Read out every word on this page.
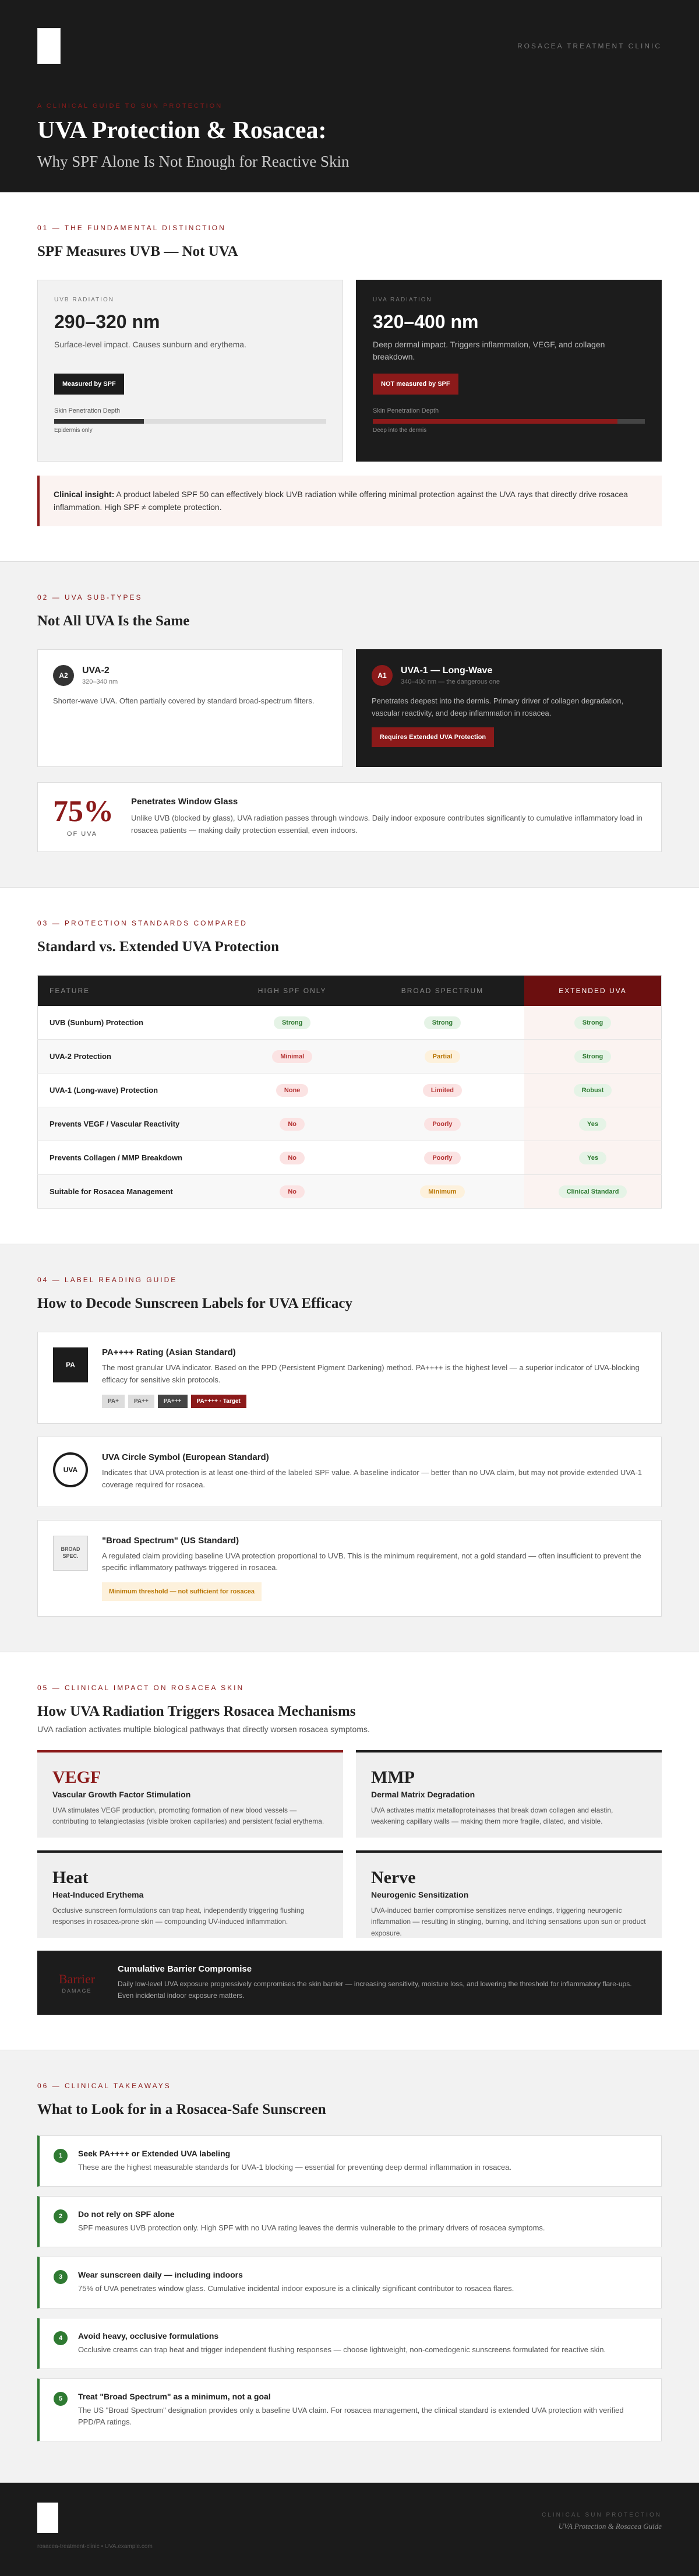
ROSACEA TREATMENT CLINIC
A CLINICAL GUIDE TO SUN PROTECTION
UVA Protection & Rosacea:
Why SPF Alone Is Not Enough for Reactive Skin
01 — THE FUNDAMENTAL DISTINCTION
SPF Measures UVB — Not UVA
UVB RADIATION
290–320 nm
Surface-level impact. Causes sunburn and erythema.
Measured by SPF
Skin Penetration Depth
Epidermis only
UVA RADIATION
320–400 nm
Deep dermal impact. Triggers inflammation, VEGF, and collagen breakdown.
NOT measured by SPF
Skin Penetration Depth
Deep into the dermis
Clinical insight: A product labeled SPF 50 can effectively block UVB radiation while offering minimal protection against the UVA rays that directly drive rosacea inflammation. High SPF ≠ complete protection.
02 — UVA SUB-TYPES
Not All UVA Is the Same
A2	UVA-2
320–340 nm
Shorter-wave UVA. Often partially covered by standard broad-spectrum filters.
A1	UVA-1 — Long-Wave
340–400 nm — the dangerous one
Penetrates deepest into the dermis. Primary driver of collagen degradation, vascular reactivity, and deep inflammation in rosacea.
Requires Extended UVA Protection
75%
OF UVA
Penetrates Window Glass
Unlike UVB (blocked by glass), UVA radiation passes through windows. Daily indoor exposure contributes significantly to cumulative inflammatory load in rosacea patients — making daily protection essential, even indoors.
03 — PROTECTION STANDARDS COMPARED
Standard vs. Extended UVA Protection
FEATURE	HIGH SPF ONLY	BROAD SPECTRUM	EXTENDED UVA
UVB (Sunburn) Protection	Strong	Strong	Strong
UVA-2 Protection	Minimal	Partial	Strong
UVA-1 (Long-wave) Protection	None	Limited	Robust
Prevents VEGF / Vascular Reactivity	No	Poorly	Yes
Prevents Collagen / MMP Breakdown	No	Poorly	Yes
Suitable for Rosacea Management	No	Minimum	Clinical Standard
04 — LABEL READING GUIDE
How to Decode Sunscreen Labels for UVA Efficacy
PA
PA++++ Rating (Asian Standard)
The most granular UVA indicator. Based on the PPD (Persistent Pigment Darkening) method. PA++++ is the highest level — a superior indicator of UVA-blocking efficacy for sensitive skin protocols.
PA+	PA++	PA+++	PA++++ · Target
UVA
UVA Circle Symbol (European Standard)
Indicates that UVA protection is at least one-third of the labeled SPF value. A baseline indicator — better than no UVA claim, but may not provide extended UVA-1 coverage required for rosacea.
BROAD SPEC.
"Broad Spectrum" (US Standard)
A regulated claim providing baseline UVA protection proportional to UVB. This is the minimum requirement, not a gold standard — often insufficient to prevent the specific inflammatory pathways triggered in rosacea.
Minimum threshold — not sufficient for rosacea
05 — CLINICAL IMPACT ON ROSACEA SKIN
How UVA Radiation Triggers Rosacea Mechanisms
UVA radiation activates multiple biological pathways that directly worsen rosacea symptoms.
VEGF
Vascular Growth Factor Stimulation
UVA stimulates VEGF production, promoting formation of new blood vessels — contributing to telangiectasias (visible broken capillaries) and persistent facial erythema.
MMP
Dermal Matrix Degradation
UVA activates matrix metalloproteinases that break down collagen and elastin, weakening capillary walls — making them more fragile, dilated, and visible.
Heat
Heat-Induced Erythema
Occlusive sunscreen formulations can trap heat, independently triggering flushing responses in rosacea-prone skin — compounding UV-induced inflammation.
Nerve
Neurogenic Sensitization
UVA-induced barrier compromise sensitizes nerve endings, triggering neurogenic inflammation — resulting in stinging, burning, and itching sensations upon sun or product exposure.
Barrier
DAMAGE
Cumulative Barrier Compromise
Daily low-level UVA exposure progressively compromises the skin barrier — increasing sensitivity, moisture loss, and lowering the threshold for inflammatory flare-ups. Even incidental indoor exposure matters.
06 — CLINICAL TAKEAWAYS
What to Look for in a Rosacea-Safe Sunscreen
1	Seek PA++++ or Extended UVA labeling
These are the highest measurable standards for UVA-1 blocking — essential for preventing deep dermal inflammation in rosacea.
2	Do not rely on SPF alone
SPF measures UVB protection only. High SPF with no UVA rating leaves the dermis vulnerable to the primary drivers of rosacea symptoms.
3	Wear sunscreen daily — including indoors
75% of UVA penetrates window glass. Cumulative incidental indoor exposure is a clinically significant contributor to rosacea flares.
4	Avoid heavy, occlusive formulations
Occlusive creams can trap heat and trigger independent flushing responses — choose lightweight, non-comedogenic sunscreens formulated for reactive skin.
5	Treat "Broad Spectrum" as a minimum, not a goal
The US "Broad Spectrum" designation provides only a baseline UVA claim. For rosacea management, the clinical standard is extended UVA protection with verified PPD/PA ratings.
rosacea-treatment-clinic • UVA.example.com
CLINICAL SUN PROTECTION
UVA Protection & Rosacea Guide
